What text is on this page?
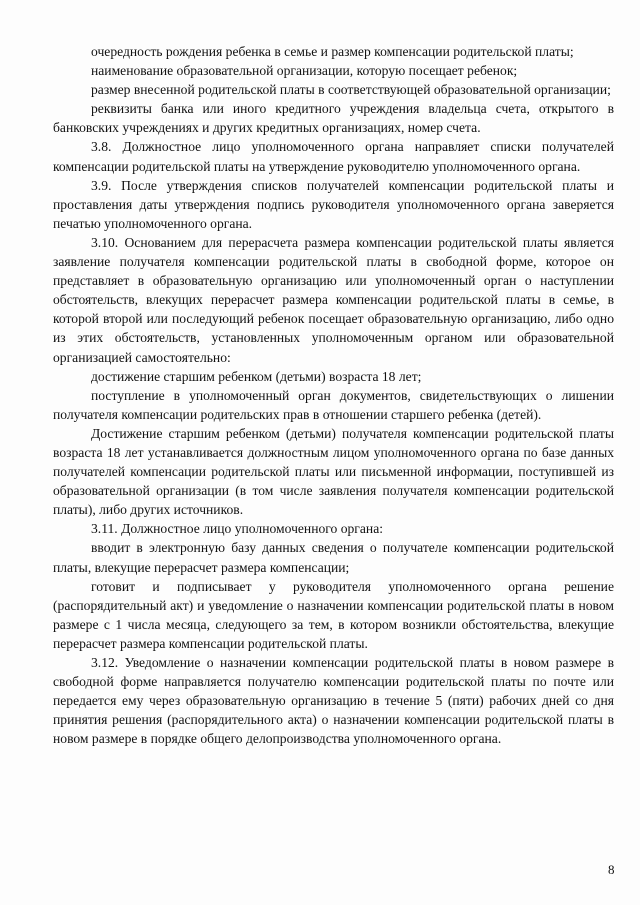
очередность рождения ребенка в семье и размер компенсации родительской платы;

наименование образовательной организации, которую посещает ребенок;

размер внесенной родительской платы в соответствующей образовательной организации;

реквизиты банка или иного кредитного учреждения владельца счета, открытого в банковских учреждениях и других кредитных организациях, номер счета.

3.8. Должностное лицо уполномоченного органа направляет списки получателей компенсации родительской платы на утверждение руководителю уполномоченного органа.

3.9. После утверждения списков получателей компенсации родительской платы и проставления даты утверждения подпись руководителя уполномоченного органа заверяется печатью уполномоченного органа.

3.10. Основанием для перерасчета размера компенсации родительской платы является заявление получателя компенсации родительской платы в свободной форме, которое он представляет в образовательную организацию или уполномоченный орган о наступлении обстоятельств, влекущих перерасчет размера компенсации родительской платы в семье, в которой второй или последующий ребенок посещает образовательную организацию, либо одно из этих обстоятельств, установленных уполномоченным органом или образовательной организацией самостоятельно:

достижение старшим ребенком (детьми) возраста 18 лет;

поступление в уполномоченный орган документов, свидетельствующих о лишении получателя компенсации родительских прав в отношении старшего ребенка (детей).

Достижение старшим ребенком (детьми) получателя компенсации родительской платы возраста 18 лет устанавливается должностным лицом уполномоченного органа по базе данных получателей компенсации родительской платы или письменной информации, поступившей из образовательной организации (в том числе заявления получателя компенсации родительской платы), либо других источников.

3.11. Должностное лицо уполномоченного органа:

вводит в электронную базу данных сведения о получателе компенсации родительской платы, влекущие перерасчет размера компенсации;

готовит и подписывает у руководителя уполномоченного органа решение (распорядительный акт) и уведомление о назначении компенсации родительской платы в новом размере с 1 числа месяца, следующего за тем, в котором возникли обстоятельства, влекущие перерасчет размера компенсации родительской платы.

3.12. Уведомление о назначении компенсации родительской платы в новом размере в свободной форме направляется получателю компенсации родительской платы по почте или передается ему через образовательную организацию в течение 5 (пяти) рабочих дней со дня принятия решения (распорядительного акта) о назначении компенсации родительской платы в новом размере в порядке общего делопроизводства уполномоченного органа.

8
